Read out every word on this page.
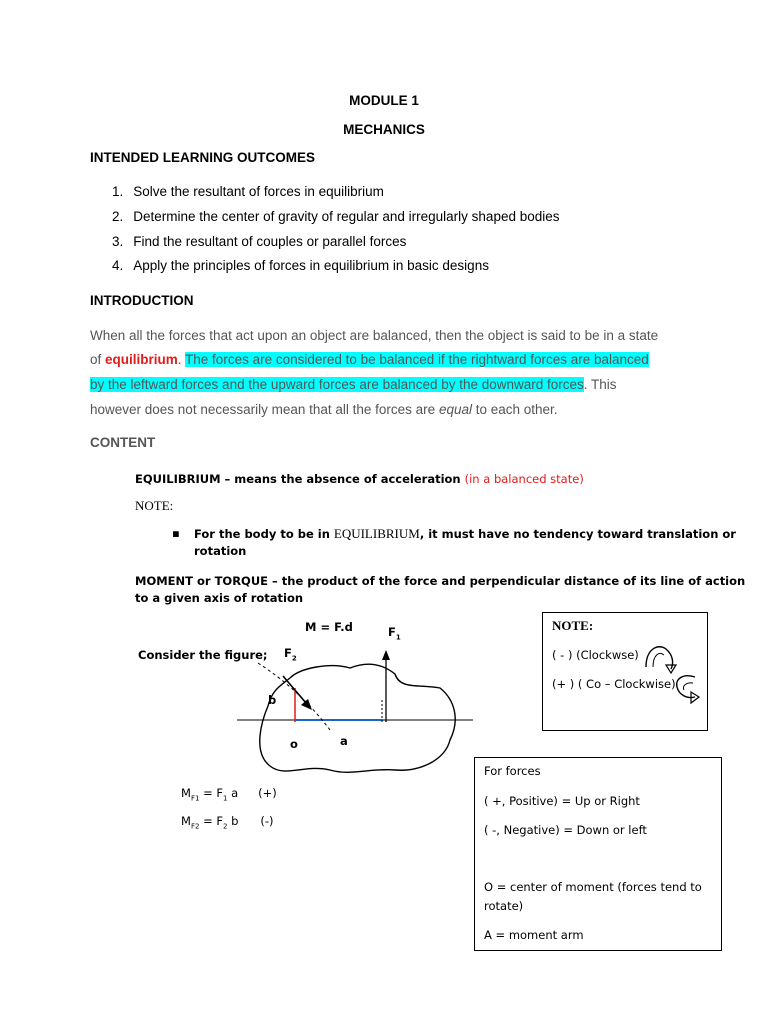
MODULE 1
MECHANICS
INTENDED LEARNING OUTCOMES
1. Solve the resultant of forces in equilibrium
2. Determine the center of gravity of regular and irregularly shaped bodies
3. Find the resultant of couples or parallel forces
4. Apply the principles of forces in equilibrium in basic designs
INTRODUCTION
When all the forces that act upon an object are balanced, then the object is said to be in a state
of equilibrium. The forces are considered to be balanced if the rightward forces are balanced
by the leftward forces and the upward forces are balanced by the downward forces. This
however does not necessarily mean that all the forces are equal to each other.
CONTENT
EQUILIBRIUM – means the absence of acceleration (in a balanced state)
NOTE:
▪ For the body to be in EQUILIBRIUM, it must have no tendency toward translation or
rotation
MOMENT or TORQUE – the product of the force and perpendicular distance of its line of action
to a given axis of rotation
M = F.d	$F_1$
Consider the figure; $F_2$
b
o	a
$M_{F1} = F_1$ a (+)
$M_{F2} = F_2$ b (-)
NOTE:
( - ) (Clockwse)
(+ ) ( Co – Clockwise)
For forces
( +, Positive) = Up or Right
( -, Negative) = Down or left
O = center of moment (forces tend to
rotate)
A = moment arm
